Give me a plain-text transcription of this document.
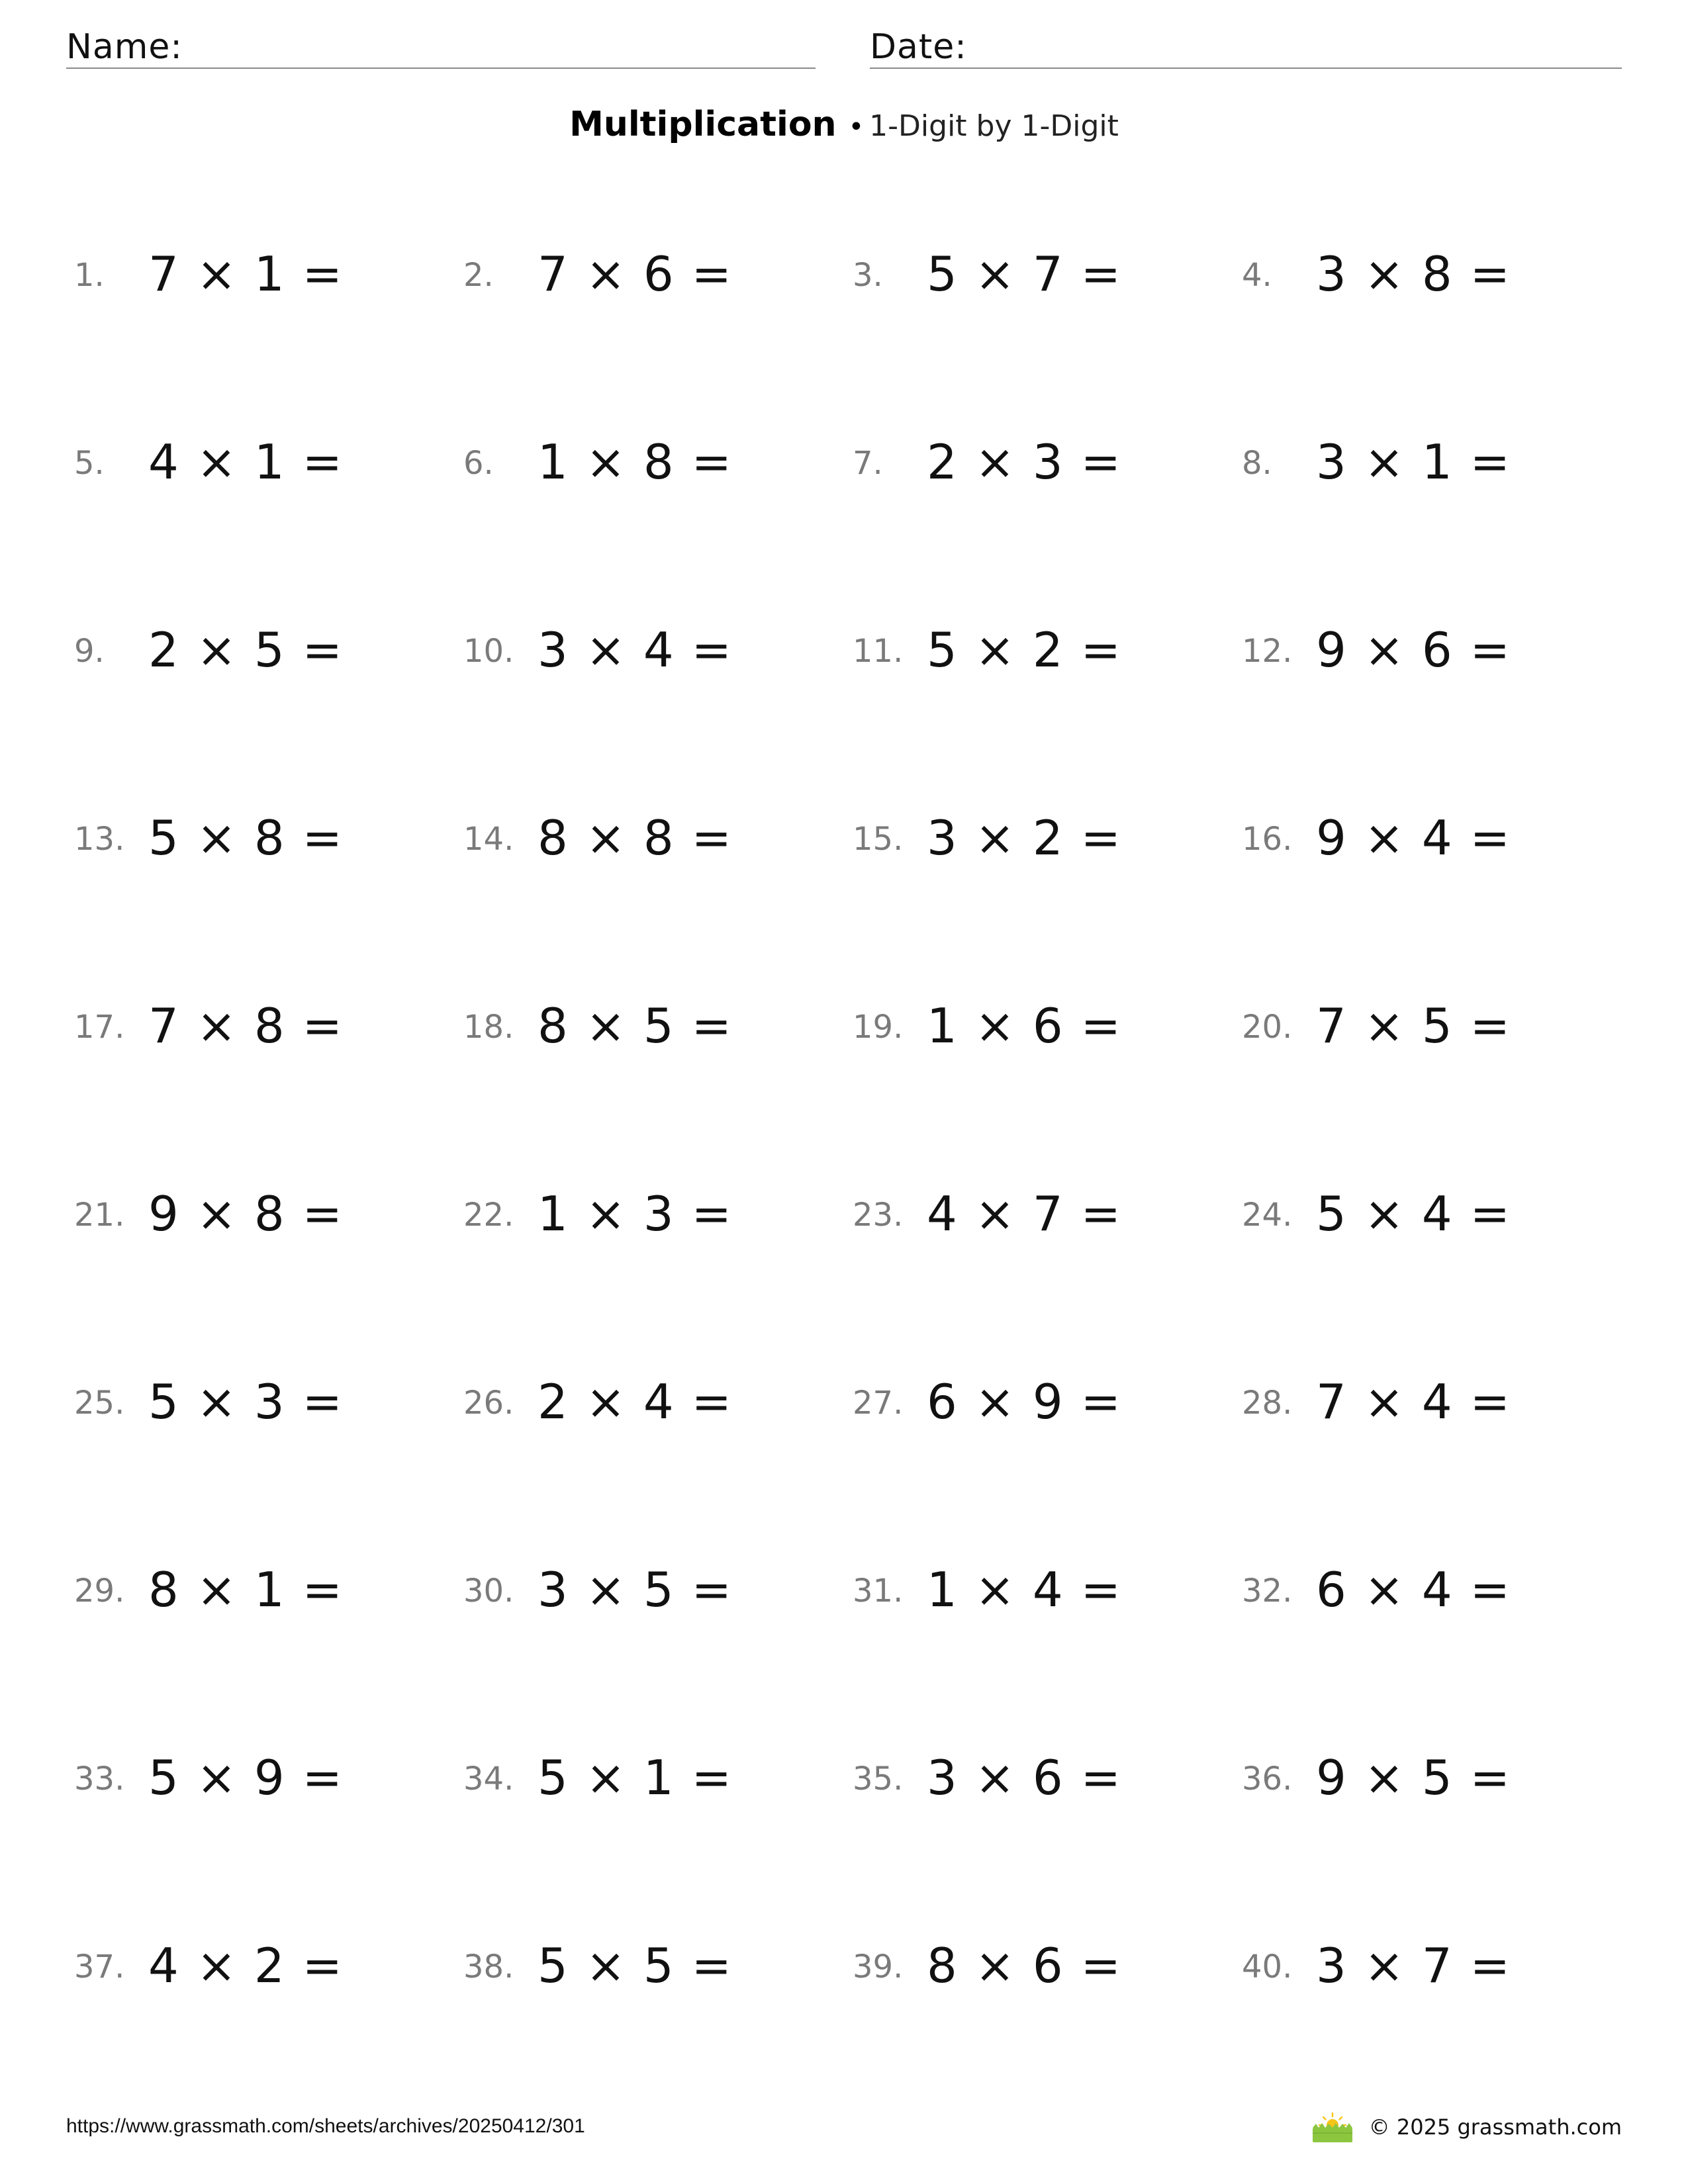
Name:	Date:
Multiplication • 1-Digit by 1-Digit
1. 7 × 1 =	2. 7 × 6 =	3. 5 × 7 =	4. 3 × 8 =
5. 4 × 1 =	6. 1 × 8 =	7. 2 × 3 =	8. 3 × 1 =
9. 2 × 5 =	10. 3 × 4 =	11. 5 × 2 =	12. 9 × 6 =
13. 5 × 8 =	14. 8 × 8 =	15. 3 × 2 =	16. 9 × 4 =
17. 7 × 8 =	18. 8 × 5 =	19. 1 × 6 =	20. 7 × 5 =
21. 9 × 8 =	22. 1 × 3 =	23. 4 × 7 =	24. 5 × 4 =
25. 5 × 3 =	26. 2 × 4 =	27. 6 × 9 =	28. 7 × 4 =
29. 8 × 1 =	30. 3 × 5 =	31. 1 × 4 =	32. 6 × 4 =
33. 5 × 9 =	34. 5 × 1 =	35. 3 × 6 =	36. 9 × 5 =
37. 4 × 2 =	38. 5 × 5 =	39. 8 × 6 =	40. 3 × 7 =
https://www.grassmath.com/sheets/archives/20250412/301	© 2025 grassmath.com
